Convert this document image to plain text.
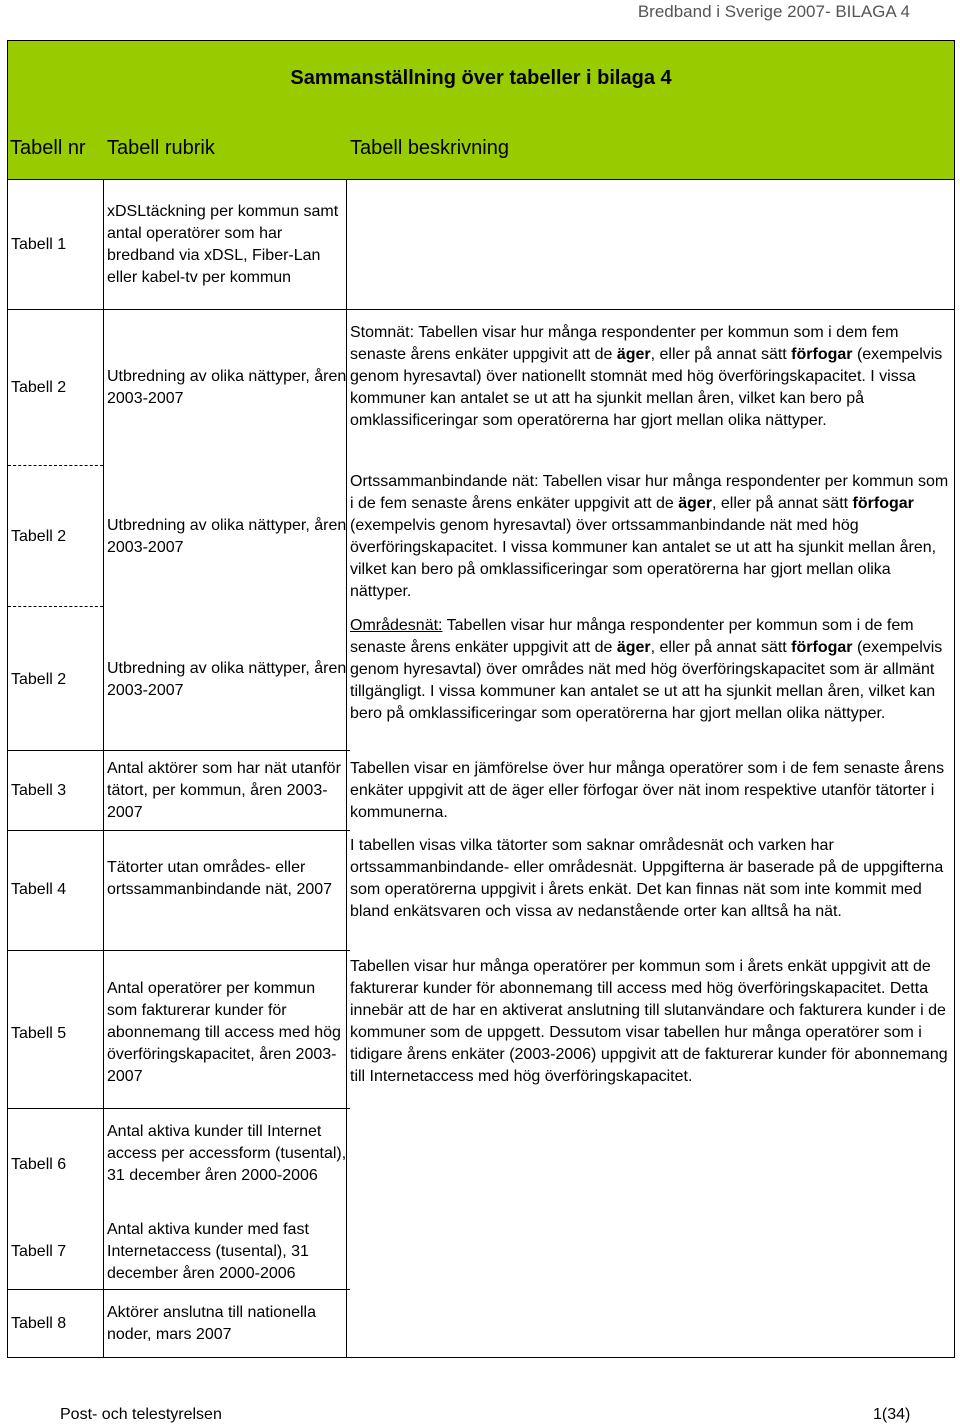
Bredband i Sverige 2007- BILAGA 4
Sammanställning över tabeller i bilaga 4
Tabell nr Tabell rubrik	Tabell beskrivning
Tabell 1
xDSLtäckning per kommun samt antal operatörer som har bredband via xDSL, Fiber-Lan eller kabel-tv per kommun
Tabell 2
Utbredning av olika nättyper, åren 2003-2007
Stomnät: Tabellen visar hur många respondenter per kommun som i dem fem senaste årens enkäter uppgivit att de äger, eller på annat sätt förfogar (exempelvis genom hyresavtal) över nationellt stomnät med hög överföringskapacitet. I vissa kommuner kan antalet se ut att ha sjunkit mellan åren, vilket kan bero på omklassificeringar som operatörerna har gjort mellan olika nättyper.
Tabell 2
Utbredning av olika nättyper, åren 2003-2007
Ortssammanbindande nät: Tabellen visar hur många respondenter per kommun som i de fem senaste årens enkäter uppgivit att de äger, eller på annat sätt förfogar (exempelvis genom hyresavtal) över ortssammanbindande nät med hög överföringskapacitet. I vissa kommuner kan antalet se ut att ha sjunkit mellan åren, vilket kan bero på omklassificeringar som operatörerna har gjort mellan olika nättyper.
Tabell 2
Utbredning av olika nättyper, åren 2003-2007
Områdesnät: Tabellen visar hur många respondenter per kommun som i de fem senaste årens enkäter uppgivit att de äger, eller på annat sätt förfogar (exempelvis genom hyresavtal) över områdes nät med hög överföringskapacitet som är allmänt tillgängligt. I vissa kommuner kan antalet se ut att ha sjunkit mellan åren, vilket kan bero på omklassificeringar som operatörerna har gjort mellan olika nättyper.
Tabell 3
Antal aktörer som har nät utanför tätort, per kommun, åren 2003-2007
Tabellen visar en jämförelse över hur många operatörer som i de fem senaste årens enkäter uppgivit att de äger eller förfogar över nät inom respektive utanför tätorter i kommunerna.
Tabell 4
Tätorter utan områdes- eller ortssammanbindande nät, 2007
I tabellen visas vilka tätorter som saknar områdesnät och varken har ortssammanbindande- eller områdesnät. Uppgifterna är baserade på de uppgifterna som operatörerna uppgivit i årets enkät. Det kan finnas nät som inte kommit med bland enkätsvaren och vissa av nedanstående orter kan alltså ha nät.
Tabell 5
Antal operatörer per kommun som fakturerar kunder för abonnemang till access med hög överföringskapacitet, åren 2003-2007
Tabellen visar hur många operatörer per kommun som i årets enkät uppgivit att de fakturerar kunder för abonnemang till access med hög överföringskapacitet. Detta innebär att de har en aktiverat anslutning till slutanvändare och fakturera kunder i de kommuner som de uppgett. Dessutom visar tabellen hur många operatörer som i tidigare årens enkäter (2003-2006) uppgivit att de fakturerar kunder för abonnemang till Internetaccess med hög överföringskapacitet.
Tabell 6
Antal aktiva kunder till Internet access per accessform (tusental), 31 december åren 2000-2006
Tabell 7
Antal aktiva kunder med fast Internetaccess (tusental), 31 december åren 2000-2006
Tabell 8
Aktörer anslutna till nationella noder, mars 2007
Post- och telestyrelsen	1(34)
